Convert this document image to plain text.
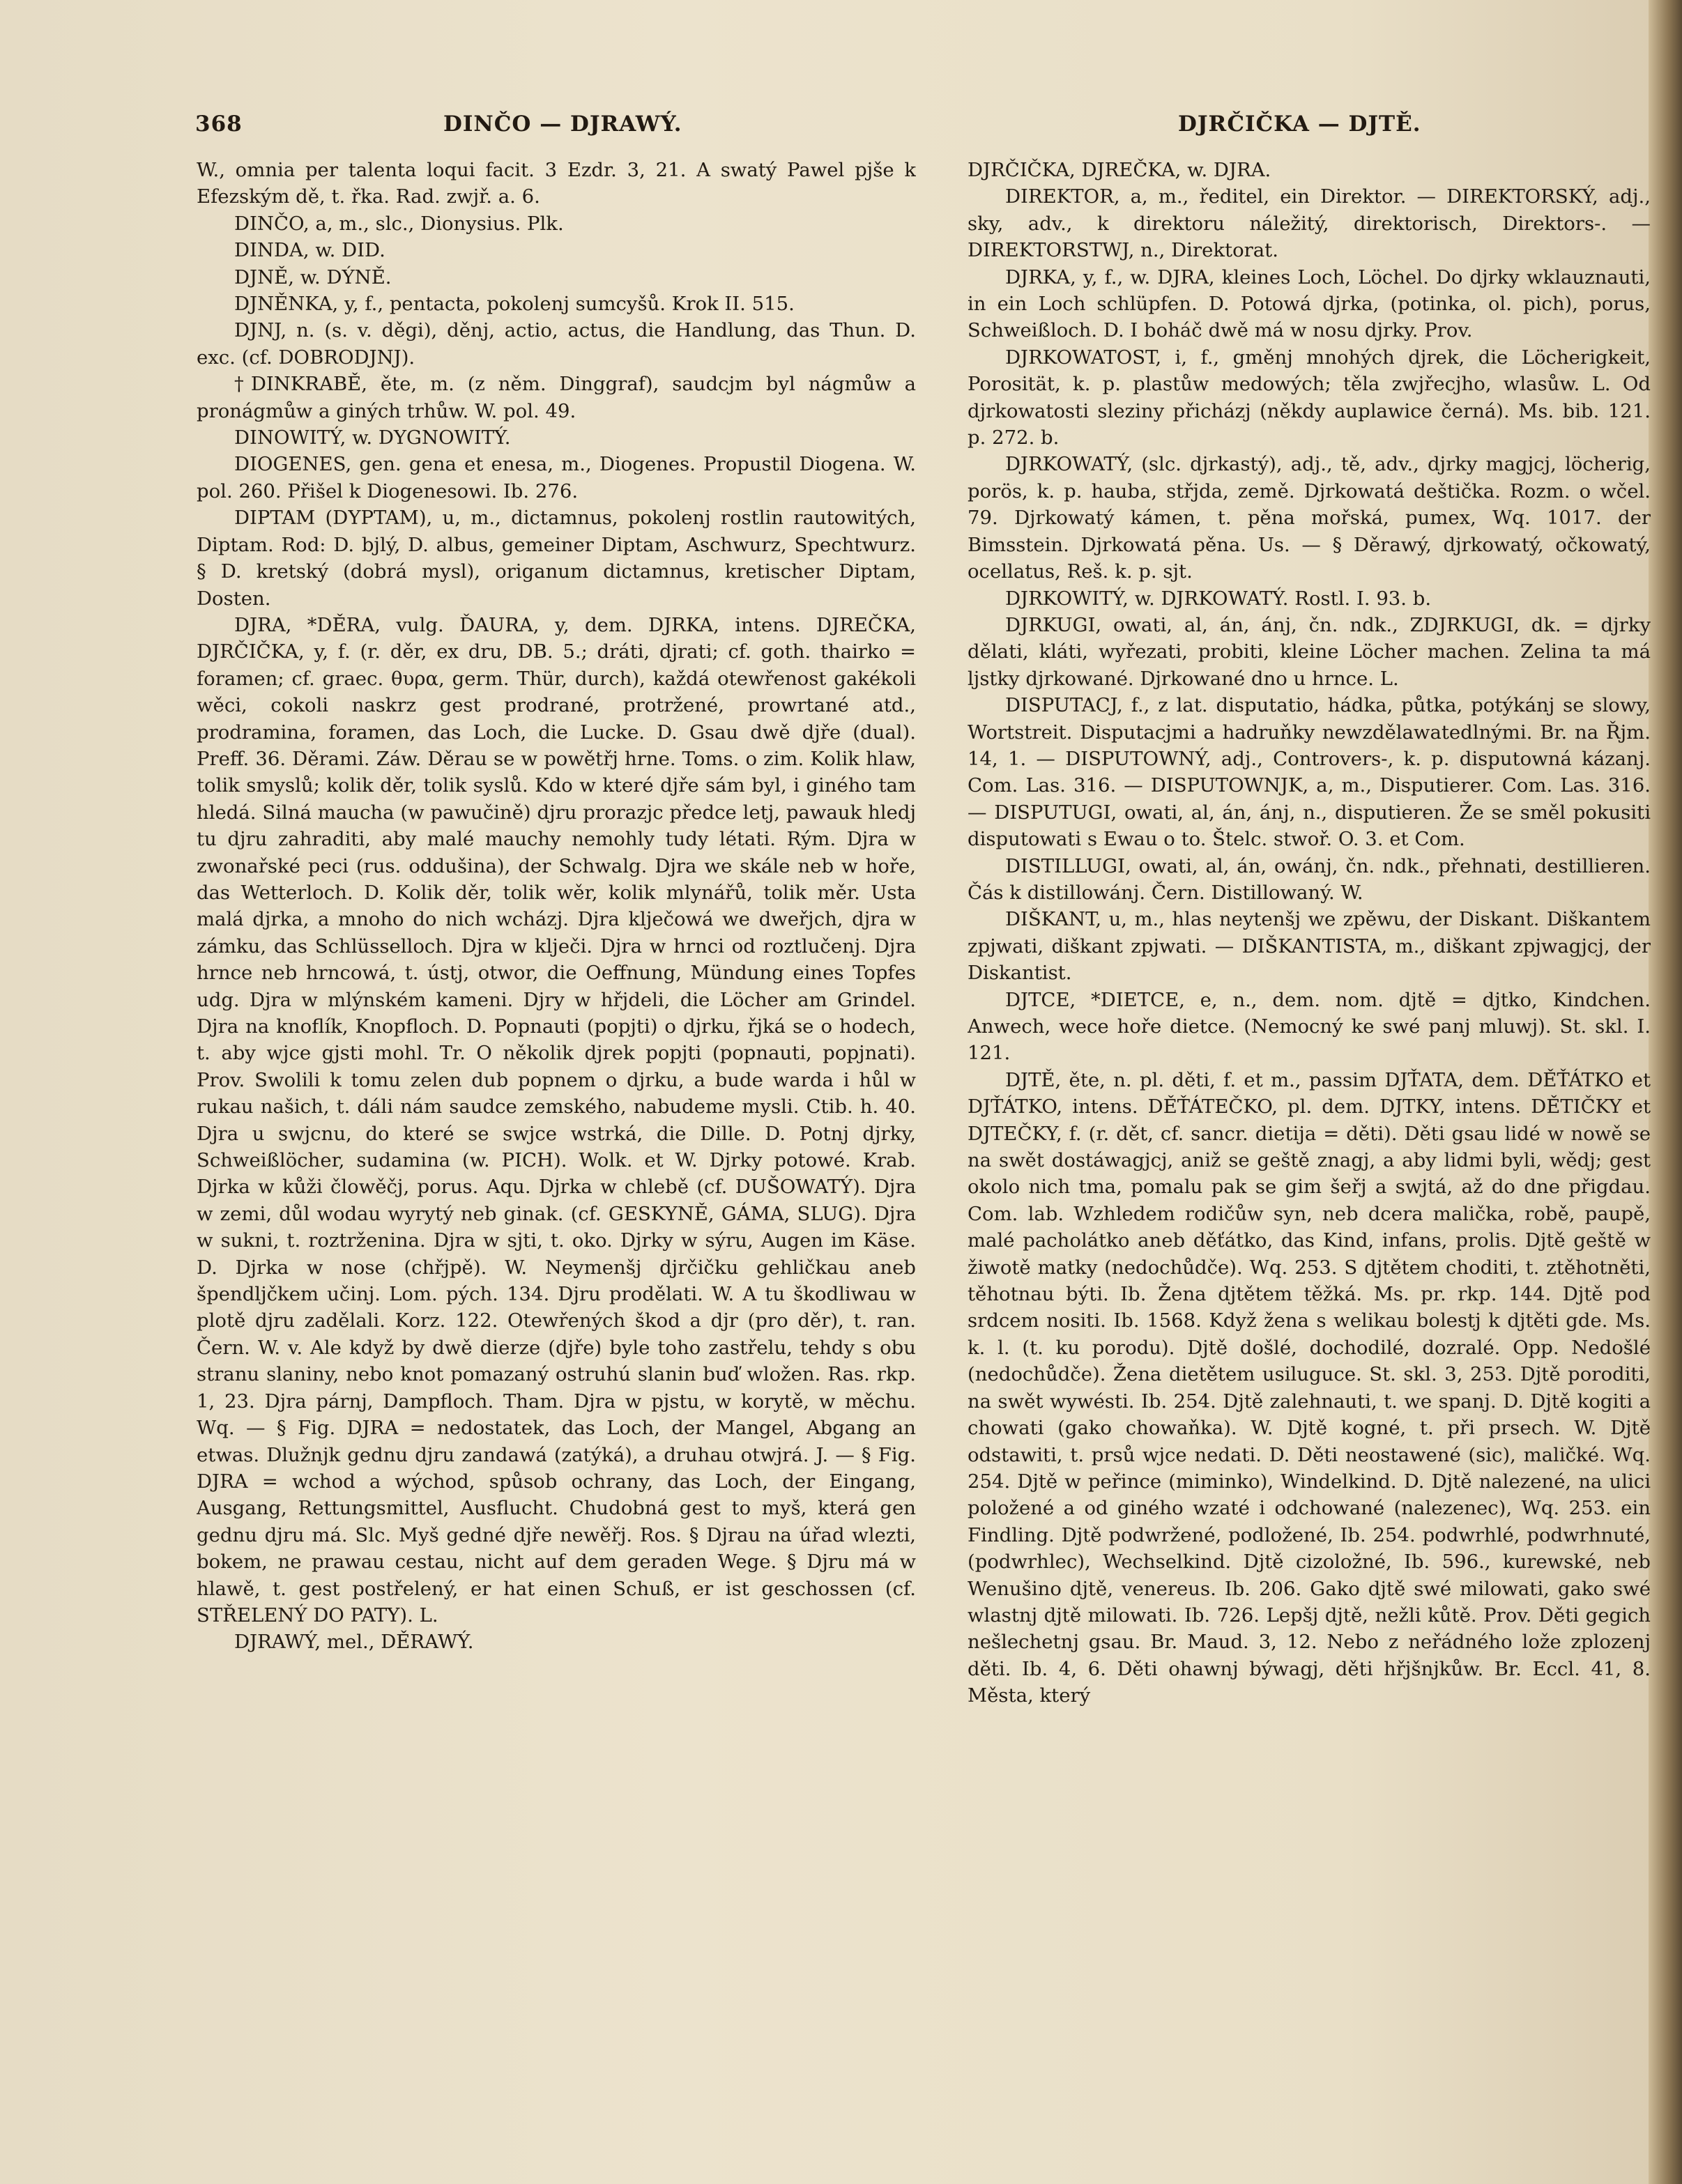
368	DINČO — DJRAWÝ.	DJRČIČKA — DJTĚ.

W., omnia per talenta loqui facit. 3 Ezdr. 3, 21. A swatý Pawel pjše k Efezským dě, t. řka. Rad. zwjř. a. 6.

DINČO, a, m., slc., Dionysius. Plk.

DINDA, w. DID.

DJNĚ, w. DÝNĚ.

DJNĚNKA, y, f., pentacta, pokolenj sumcyšů. Krok II. 515.

DJNJ, n. (s. v. děgi), děnj, actio, actus, die Handlung, das Thun. D. exc. (cf. DOBRODJNJ).

†DINKRABĚ, ěte, m. (z něm. Dinggraf), saudcjm byl nágmůw a pronágmůw a giných trhůw. W. pol. 49.

DINOWITÝ, w. DYGNOWITÝ.

DIOGENES, gen. gena et enesa, m., Diogenes. Propustil Diogena. W. pol. 260. Přišel k Diogenesowi. Ib. 276.

DIPTAM (DYPTAM), u, m., dictamnus, pokolenj rostlin rautowitých, Diptam. Rod: D. bjlý, D. albus, gemeiner Diptam, Aschwurz, Spechtwurz. § D. kretský (dobrá mysl), origanum dictamnus, kretischer Diptam, Dosten.

DJRA, *DĚRA, vulg. ĎAURA, y, dem. DJRKA, intens. DJREČKA, DJRČIČKA, y, f. (r. děr, ex dru, DB. 5.; dráti, djrati; cf. goth. thairko = foramen; cf. graec. θυρα, germ. Thür, durch), každá otewřenost gakékoli wěci, cokoli naskrz gest prodrané, protržené, prowrtané atd., prodramina, foramen, das Loch, die Lucke. D. Gsau dwě djře (dual). Preff. 36. Děrami. Záw. Děrau se w powětřj hrne. Toms. o zim. Kolik hlaw, tolik smyslů; kolik děr, tolik syslů. Kdo w které djře sám byl, i giného tam hledá. Silná maucha (w pawučině) djru prorazjc předce letj, pawauk hledj tu djru zahraditi, aby malé mauchy nemohly tudy létati. Rým. Djra w zwonařské peci (rus. oddušina), der Schwalg. Djra we skále neb w hoře, das Wetterloch. D. Kolik děr, tolik wěr, kolik mlynářů, tolik měr. Usta malá djrka, a mnoho do nich wcházj. Djra klječowá we dweřjch, djra w zámku, das Schlüsselloch. Djra w klječi. Djra w hrnci od roztlučenj. Djra hrnce neb hrncowá, t. ústj, otwor, die Oeffnung, Mündung eines Topfes udg. Djra w mlýnském kameni. Djry w hřjdeli, die Löcher am Grindel. Djra na knoflík, Knopfloch. D. Popnauti (popjti) o djrku, řjká se o hodech, t. aby wjce gjsti mohl. Tr. O několik djrek popjti (popnauti, popjnati). Prov. Swolili k tomu zelen dub popnem o djrku, a bude warda i hůl w rukau našich, t. dáli nám saudce zemského, nabudeme mysli. Ctib. h. 40. Djra u swjcnu, do které se swjce wstrká, die Dille. D. Potnj djrky, Schweißlöcher, sudamina (w. PICH). Wolk. et W. Djrky potowé. Krab. Djrka w kůži člowěčj, porus. Aqu. Djrka w chlebě (cf. DUŠOWATÝ). Djra w zemi, důl wodau wyrytý neb ginak. (cf. GESKYNĚ, GÁMA, SLUG). Djra w sukni, t. roztrženina. Djra w sjti, t. oko. Djrky w sýru, Augen im Käse. D. Djrka w nose (chřjpě). W. Neymenšj djrčičku gehličkau aneb špendljčkem učinj. Lom. pých. 134. Djru prodělati. W. A tu škodliwau w plotě djru zadělali. Korz. 122. Otewřených škod a djr (pro děr), t. ran. Čern. W. v. Ale když by dwě dierze (djře) byle toho zastřelu, tehdy s obu stranu slaniny, nebo knot pomazaný ostruhú slanin buď wložen. Ras. rkp. 1, 23. Djra párnj, Dampfloch. Tham. Djra w pjstu, w korytě, w měchu. Wq. — § Fig. DJRA = nedostatek, das Loch, der Mangel, Abgang an etwas. Dlužnjk gednu djru zandawá (zatýká), a druhau otwjrá. J. — § Fig. DJRA = wchod a wýchod, spůsob ochrany, das Loch, der Eingang, Ausgang, Rettungsmittel, Ausflucht. Chudobná gest to myš, která gen gednu djru má. Slc. Myš gedné djře newěřj. Ros. § Djrau na úřad wlezti, bokem, ne prawau cestau, nicht auf dem geraden Wege. § Djru má w hlawě, t. gest postřelený, er hat einen Schuß, er ist geschossen (cf. STŘELENÝ DO PATY). L.

DJRAWÝ, mel., DĚRAWÝ.

DJRČIČKA, DJREČKA, w. DJRA.

DIREKTOR, a, m., ředitel, ein Direktor. — DIREKTORSKÝ, adj., sky, adv., k direktoru náležitý, direktorisch, Direktors-. — DIREKTORSTWJ, n., Direktorat.

DJRKA, y, f., w. DJRA, kleines Loch, Löchel. Do djrky wklauznauti, in ein Loch schlüpfen. D. Potowá djrka, (potinka, ol. pich), porus, Schweißloch. D. I boháč dwě má w nosu djrky. Prov.

DJRKOWATOST, i, f., gměnj mnohých djrek, die Löcherigkeit, Porosität, k. p. plastůw medowých; těla zwjřecjho, wlasůw. L. Od djrkowatosti sleziny přicházj (někdy auplawice černá). Ms. bib. 121. p. 272. b.

DJRKOWATÝ, (slc. djrkastý), adj., tě, adv., djrky magjcj, löcherig, porös, k. p. hauba, střjda, země. Djrkowatá deštička. Rozm. o wčel. 79. Djrkowatý kámen, t. pěna mořská, pumex, Wq. 1017. der Bimsstein. Djrkowatá pěna. Us. — § Děrawý, djrkowatý, očkowatý, ocellatus, Reš. k. p. sjt.

DJRKOWITÝ, w. DJRKOWATÝ. Rostl. I. 93. b.

DJRKUGI, owati, al, án, ánj, čn. ndk., ZDJRKUGI, dk. = djrky dělati, kláti, wyřezati, probiti, kleine Löcher machen. Zelina ta má ljstky djrkowané. Djrkowané dno u hrnce. L.

DISPUTACJ, f., z lat. disputatio, hádka, půtka, potýkánj se slowy, Wortstreit. Disputacjmi a hadruňky newzdělawatedlnými. Br. na Řjm. 14, 1. — DISPUTOWNÝ, adj., Controvers-, k. p. disputowná kázanj. Com. Las. 316. — DISPUTOWNJK, a, m., Disputierer. Com. Las. 316. — DISPUTUGI, owati, al, án, ánj, n., disputieren. Že se směl pokusiti disputowati s Ewau o to. Štelc. stwoř. O. 3. et Com.

DISTILLUGI, owati, al, án, owánj, čn. ndk., přehnati, destillieren. Čás k distillowánj. Čern. Distillowaný. W.

DIŠKANT, u, m., hlas neytenšj we zpěwu, der Diskant. Diškantem zpjwati, diškant zpjwati. — DIŠKANTISTA, m., diškant zpjwagjcj, der Diskantist.

DJTCE, *DIETCE, e, n., dem. nom. djtě = djtko, Kindchen. Anwech, wece hoře dietce. (Nemocný ke swé panj mluwj). St. skl. I. 121.

DJTĚ, ěte, n. pl. děti, f. et m., passim DJŤATA, dem. DĚŤÁTKO et DJŤÁTKO, intens. DĚŤÁTEČKO, pl. dem. DJTKY, intens. DĚTIČKY et DJTEČKY, f. (r. dět, cf. sancr. dietija = děti). Děti gsau lidé w nowě se na swět dostáwagjcj, aniž se geště znagj, a aby lidmi byli, wědj; gest okolo nich tma, pomalu pak se gim šeřj a swjtá, až do dne přigdau. Com. lab. Wzhledem rodičůw syn, neb dcera malička, robě, paupě, malé pacholátko aneb děťátko, das Kind, infans, prolis. Djtě geště w žiwotě matky (nedochůdče). Wq. 253. S djtětem choditi, t. ztěhotněti, těhotnau býti. Ib. Žena djtětem těžká. Ms. pr. rkp. 144. Djtě pod srdcem nositi. Ib. 1568. Když žena s welikau bolestj k djtěti gde. Ms. k. l. (t. ku porodu). Djtě došlé, dochodilé, dozralé. Opp. Nedošlé (nedochůdče). Žena dietětem usiluguce. St. skl. 3, 253. Djtě poroditi, na swět wywésti. Ib. 254. Djtě zalehnauti, t. we spanj. D. Djtě kogiti a chowati (gako chowaňka). W. Djtě kogné, t. při prsech. W. Djtě odstawiti, t. prsů wjce nedati. D. Děti neostawené (sic), maličké. Wq. 254. Djtě w peřince (miminko), Windelkind. D. Djtě nalezené, na ulici položené a od giného wzaté i odchowané (nalezenec), Wq. 253. ein Findling. Djtě podwržené, podložené, Ib. 254. podwrhlé, podwrhnuté, (podwrhlec), Wechselkind. Djtě cizoložné, Ib. 596., kurewské, neb Wenušino djtě, venereus. Ib. 206. Gako djtě swé milowati, gako swé wlastnj djtě milowati. Ib. 726. Lepšj djtě, nežli kůtě. Prov. Děti gegich nešlechetnj gsau. Br. Maud. 3, 12. Nebo z neřádného lože zplozenj děti. Ib. 4, 6. Děti ohawnj býwagj, děti hřjšnjkůw. Br. Eccl. 41, 8. Města, který
